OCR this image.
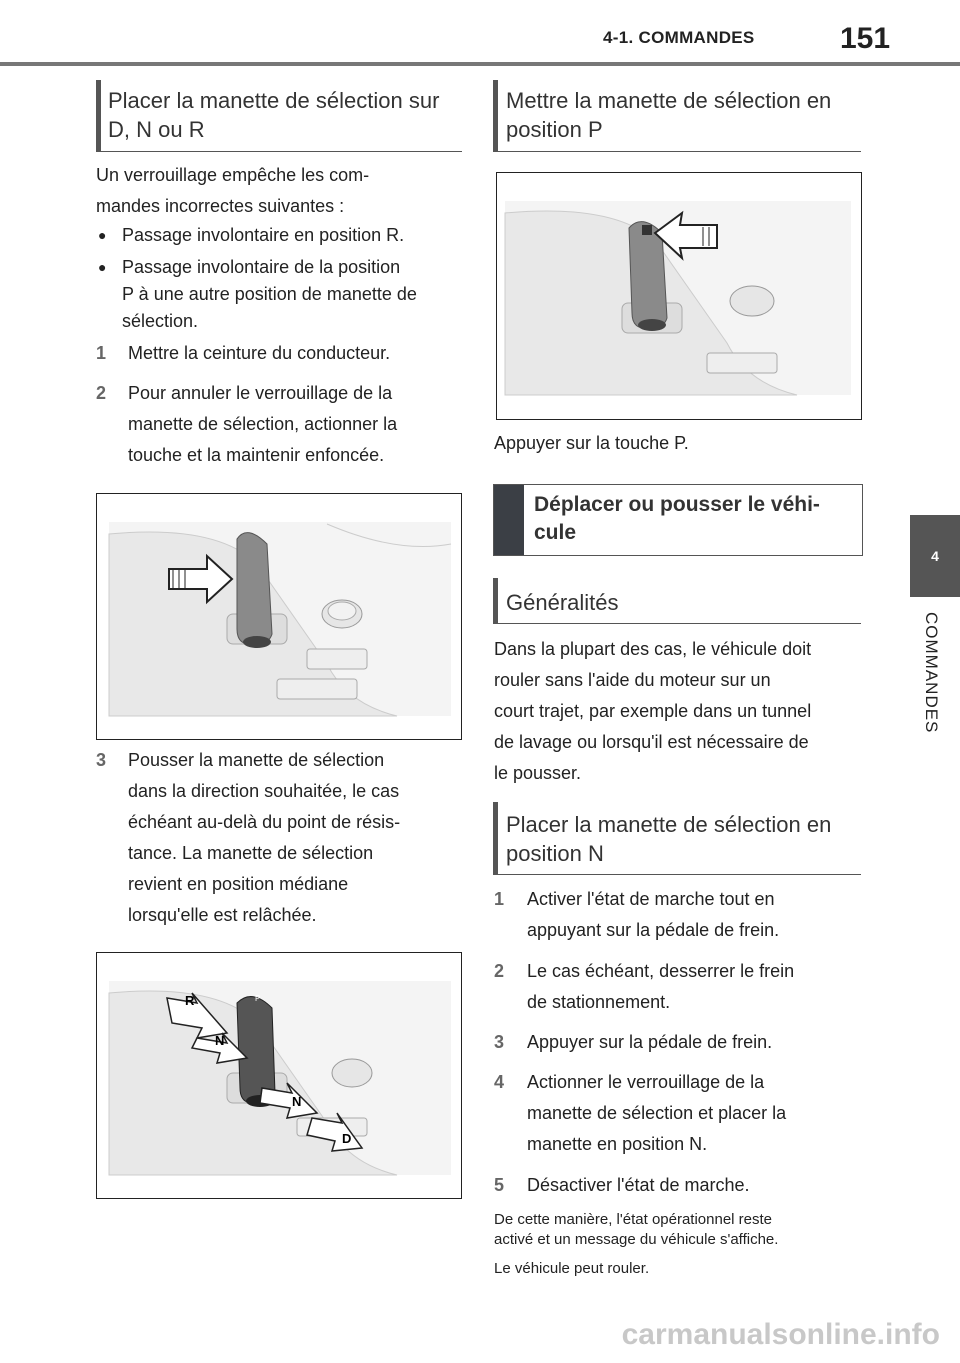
4-1. COMMANDES	151
4
COMMANDES
Placer la manette de sélection sur
D, N ou R
Un verrouillage empêche les com-
mandes incorrectes suivantes :
● Passage involontaire en position R.
● Passage involontaire de la position
P à une autre position de manette de
sélection.
1 Mettre la ceinture du conducteur.
2 Pour annuler le verrouillage de la
manette de sélection, actionner la
touche et la maintenir enfoncée.
3 Pousser la manette de sélection
dans la direction souhaitée, le cas
échéant au-delà du point de résis-
tance. La manette de sélection
revient en position médiane
lorsqu'elle est relâchée.
R
N
N
D
P
Mettre la manette de sélection en
position P
Appuyer sur la touche P.
Déplacer ou pousser le véhi-
cule
Généralités
Dans la plupart des cas, le véhicule doit
rouler sans l'aide du moteur sur un
court trajet, par exemple dans un tunnel
de lavage ou lorsqu'il est nécessaire de
le pousser.
Placer la manette de sélection en
position N
1 Activer l'état de marche tout en
appuyant sur la pédale de frein.
2 Le cas échéant, desserrer le frein
de stationnement.
3 Appuyer sur la pédale de frein.
4 Actionner le verrouillage de la
manette de sélection et placer la
manette en position N.
5 Désactiver l'état de marche.
De cette manière, l'état opérationnel reste
activé et un message du véhicule s'affiche.
Le véhicule peut rouler.
carmanualsonline.info
